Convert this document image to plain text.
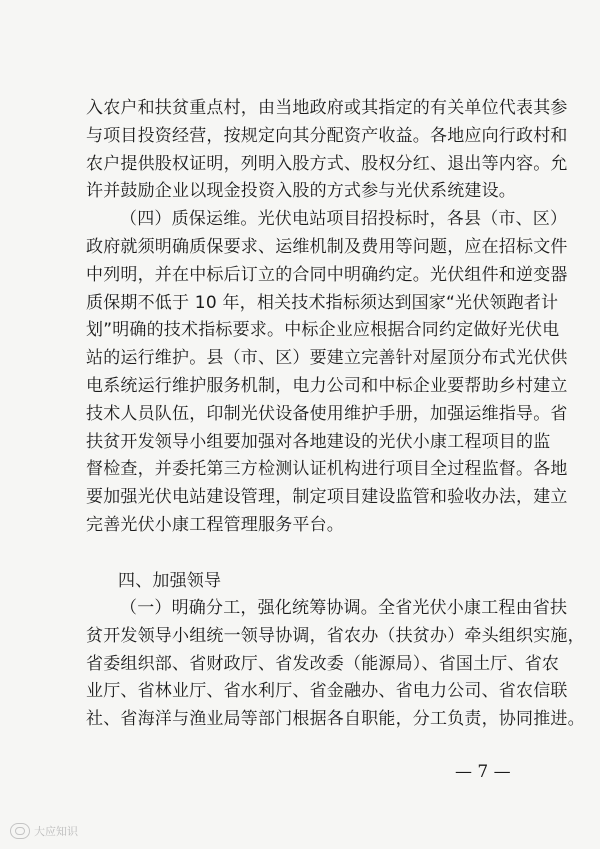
入农户和扶贫重点村，由当地政府或其指定的有关单位代表其参
与项目投资经营，按规定向其分配资产收益。各地应向行政村和
农户提供股权证明，列明入股方式、股权分红、退出等内容。允
许并鼓励企业以现金投资入股的方式参与光伏系统建设。
（四）质保运维。光伏电站项目招投标时，各县（市、区）
政府就须明确质保要求、运维机制及费用等问题，应在招标文件
中列明，并在中标后订立的合同中明确约定。光伏组件和逆变器
质保期不低于 10 年，相关技术指标须达到国家“光伏领跑者计
划”明确的技术指标要求。中标企业应根据合同约定做好光伏电
站的运行维护。县（市、区）要建立完善针对屋顶分布式光伏供
电系统运行维护服务机制，电力公司和中标企业要帮助乡村建立
技术人员队伍，印制光伏设备使用维护手册，加强运维指导。省
扶贫开发领导小组要加强对各地建设的光伏小康工程项目的监
督检查，并委托第三方检测认证机构进行项目全过程监督。各地
要加强光伏电站建设管理，制定项目建设监管和验收办法，建立
完善光伏小康工程管理服务平台。
四、加强领导
（一）明确分工，强化统筹协调。全省光伏小康工程由省扶
贫开发领导小组统一领导协调，省农办（扶贫办）牵头组织实施，
省委组织部、省财政厅、省发改委（能源局）、省国土厅、省农
业厅、省林业厅、省水利厅、省金融办、省电力公司、省农信联
社、省海洋与渔业局等部门根据各自职能，分工负责，协同推进。
— 7 —
大应知识
